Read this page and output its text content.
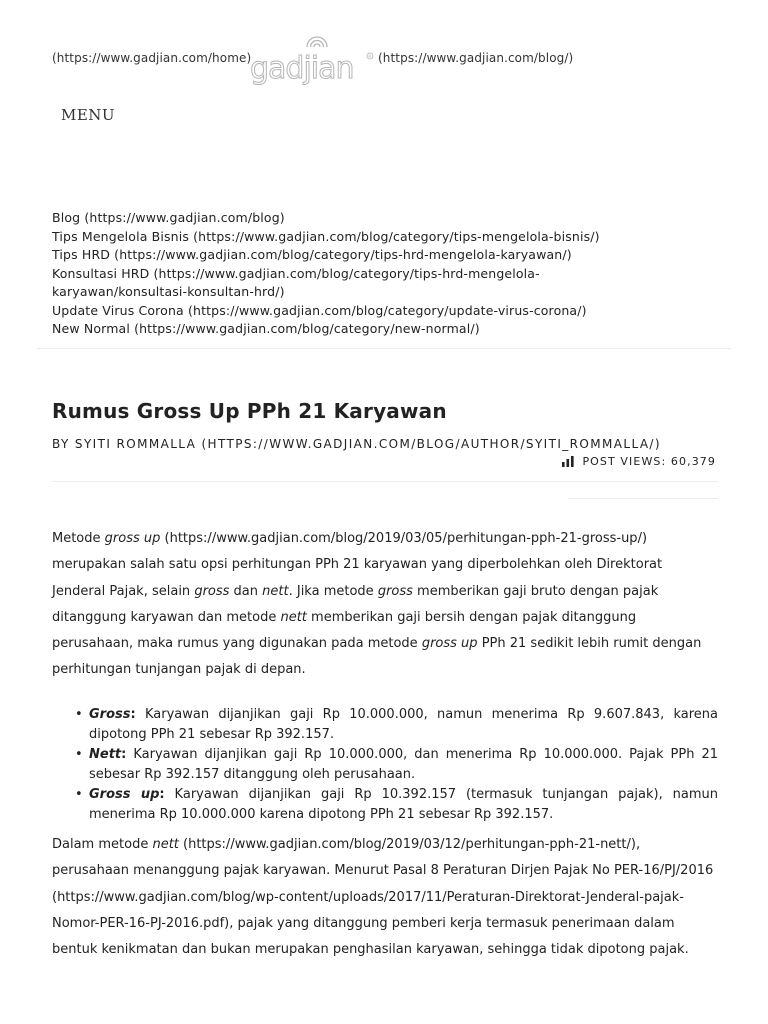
(https://www.gadjian.com/home)
gadjian	R (https://www.gadjian.com/blog/)
MENU
Blog (https://www.gadjian.com/blog)
Tips Mengelola Bisnis (https://www.gadjian.com/blog/category/tips-mengelola-bisnis/)
Tips HRD (https://www.gadjian.com/blog/category/tips-hrd-mengelola-karyawan/)
Konsultasi HRD (https://www.gadjian.com/blog/category/tips-hrd-mengelola-
karyawan/konsultasi-konsultan-hrd/)
Update Virus Corona (https://www.gadjian.com/blog/category/update-virus-corona/)
New Normal (https://www.gadjian.com/blog/category/new-normal/)
Rumus Gross Up PPh 21 Karyawan
BY SYITI ROMMALLA (HTTPS://WWW.GADJIAN.COM/BLOG/AUTHOR/SYITI_ROMMALLA/)
POST VIEWS: 60,379

Metode gross up (https://www.gadjian.com/blog/2019/03/05/perhitungan-pph-21-gross-up/) merupakan salah satu opsi perhitungan PPh 21 karyawan yang diperbolehkan oleh Direktorat Jenderal Pajak, selain gross dan nett. Jika metode gross memberikan gaji bruto dengan pajak ditanggung karyawan dan metode nett memberikan gaji bersih dengan pajak ditanggung perusahaan, maka rumus yang digunakan pada metode gross up PPh 21 sedikit lebih rumit dengan perhitungan tunjangan pajak di depan.

• Gross: Karyawan dijanjikan gaji Rp 10.000.000, namun menerima Rp 9.607.843, karena dipotong PPh 21 sebesar Rp 392.157.
• Nett: Karyawan dijanjikan gaji Rp 10.000.000, dan menerima Rp 10.000.000. Pajak PPh 21 sebesar Rp 392.157 ditanggung oleh perusahaan.
• Gross up: Karyawan dijanjikan gaji Rp 10.392.157 (termasuk tunjangan pajak), namun menerima Rp 10.000.000 karena dipotong PPh 21 sebesar Rp 392.157.

Dalam metode nett (https://www.gadjian.com/blog/2019/03/12/perhitungan-pph-21-nett/), perusahaan menanggung pajak karyawan. Menurut Pasal 8 Peraturan Dirjen Pajak No PER-16/PJ/2016 (https://www.gadjian.com/blog/wp-content/uploads/2017/11/Peraturan-Direktorat-Jenderal-pajak-Nomor-PER-16-PJ-2016.pdf), pajak yang ditanggung pemberi kerja termasuk penerimaan dalam bentuk kenikmatan dan bukan merupakan penghasilan karyawan, sehingga tidak dipotong pajak.
